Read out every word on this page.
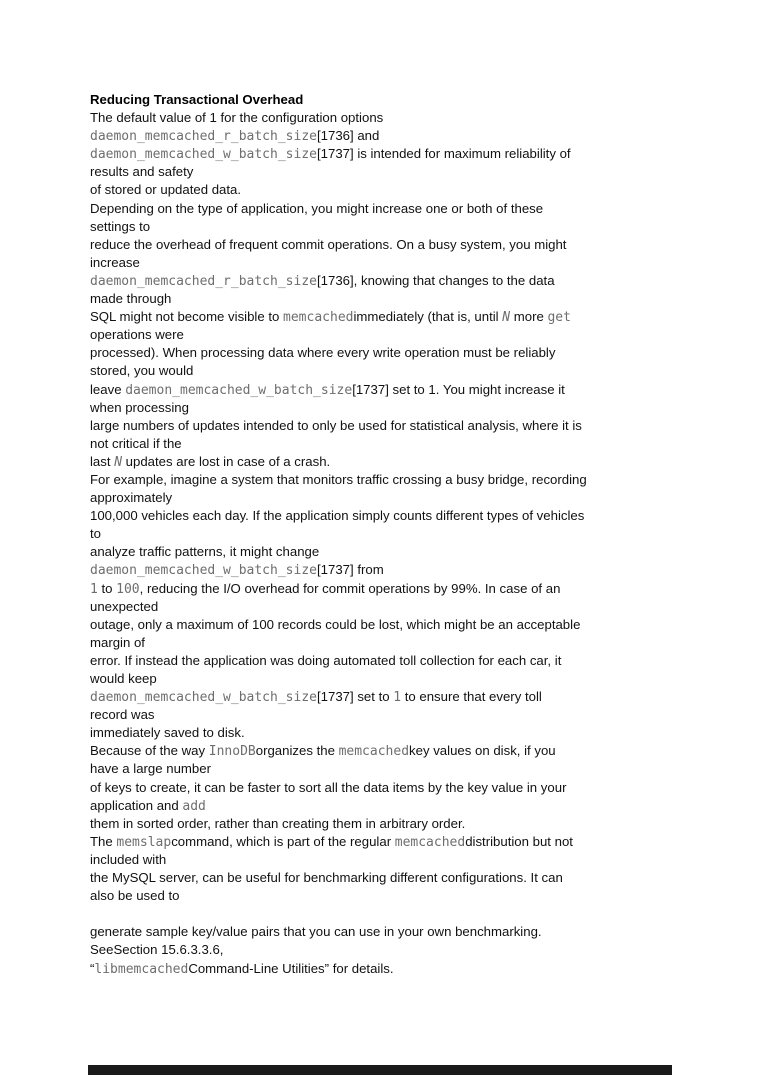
Reducing Transactional Overhead
The default value of 1 for the configuration options
daemon_memcached_r_batch_size[1736] and
daemon_memcached_w_batch_size[1737] is intended for maximum reliability of
results and safety
of stored or updated data.
Depending on the type of application, you might increase one or both of these
settings to
reduce the overhead of frequent commit operations. On a busy system, you might
increase
daemon_memcached_r_batch_size[1736], knowing that changes to the data
made through
SQL might not become visible to memcachedimmediately (that is, until N more get
operations were
processed). When processing data where every write operation must be reliably
stored, you would
leave daemon_memcached_w_batch_size[1737] set to 1. You might increase it
when processing
large numbers of updates intended to only be used for statistical analysis, where it is
not critical if the
last N updates are lost in case of a crash.
For example, imagine a system that monitors traffic crossing a busy bridge, recording
approximately
100,000 vehicles each day. If the application simply counts different types of vehicles
to
analyze traffic patterns, it might change
daemon_memcached_w_batch_size[1737] from
1 to 100, reducing the I/O overhead for commit operations by 99%. In case of an
unexpected
outage, only a maximum of 100 records could be lost, which might be an acceptable
margin of
error. If instead the application was doing automated toll collection for each car, it
would keep
daemon_memcached_w_batch_size[1737] set to 1 to ensure that every toll
record was
immediately saved to disk.
Because of the way InnoDBorganizes the memcachedkey values on disk, if you
have a large number
of keys to create, it can be faster to sort all the data items by the key value in your
application and add
them in sorted order, rather than creating them in arbitrary order.
The memslapcommand, which is part of the regular memcacheddistribution but not
included with
the MySQL server, can be useful for benchmarking different configurations. It can
also be used to

generate sample key/value pairs that you can use in your own benchmarking.
SeeSection 15.6.3.3.6,
“libmemcachedCommand-Line Utilities” for details.
